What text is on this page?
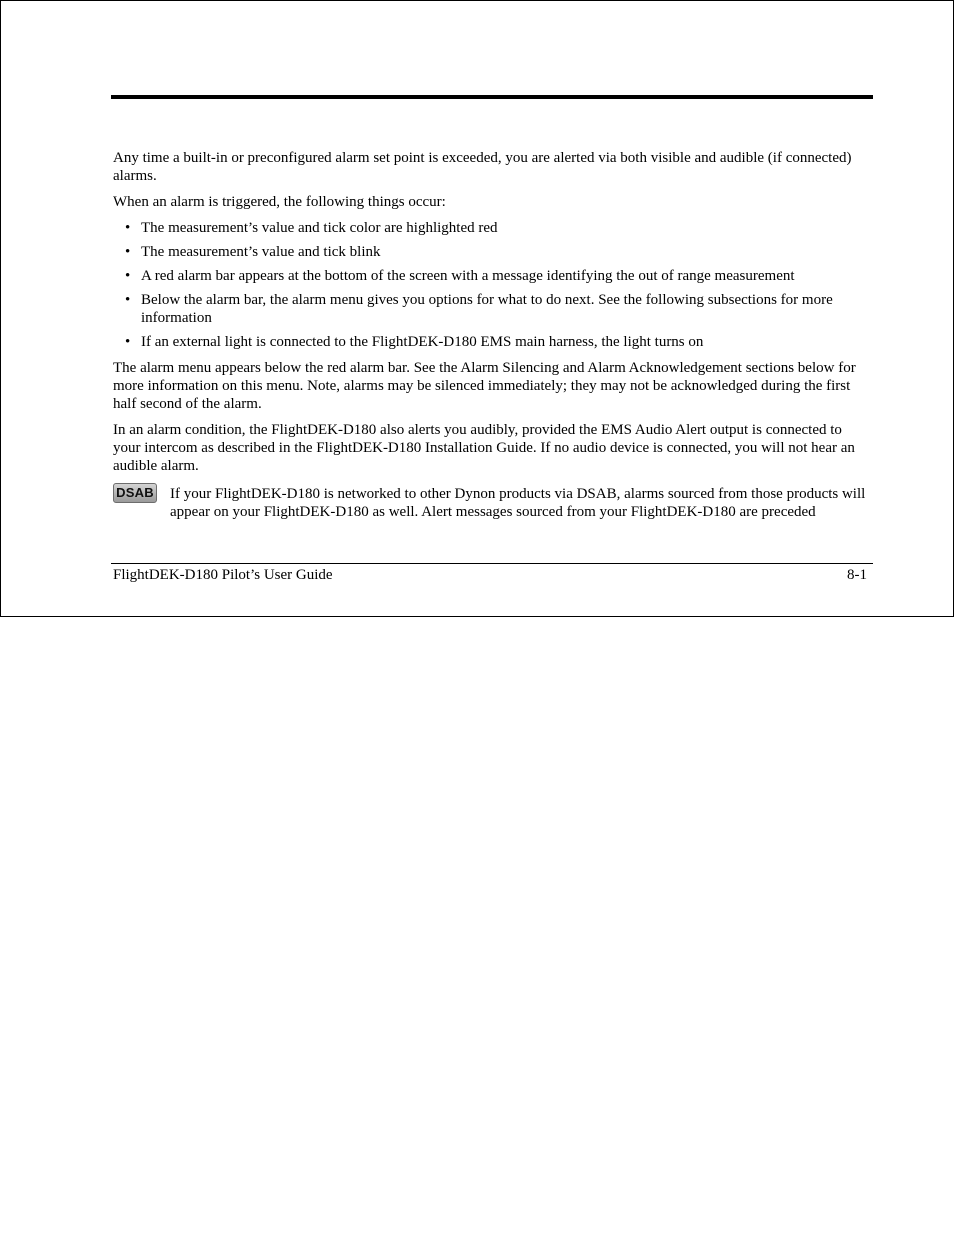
Any time a built-in or preconfigured alarm set point is exceeded, you are alerted via both visible and audible (if connected) alarms.

When an alarm is triggered, the following things occur:

• The measurement’s value and tick color are highlighted red
• The measurement’s value and tick blink
• A red alarm bar appears at the bottom of the screen with a message identifying the out of range measurement
• Below the alarm bar, the alarm menu gives you options for what to do next. See the following subsections for more information
• If an external light is connected to the FlightDEK-D180 EMS main harness, the light turns on

The alarm menu appears below the red alarm bar. See the Alarm Silencing and Alarm Acknowledgement sections below for more information on this menu. Note, alarms may be silenced immediately; they may not be acknowledged during the first half second of the alarm.

In an alarm condition, the FlightDEK-D180 also alerts you audibly, provided the EMS Audio Alert output is connected to your intercom as described in the FlightDEK-D180 Installation Guide. If no audio device is connected, you will not hear an audible alarm.

DSAB If your FlightDEK-D180 is networked to other Dynon products via DSAB, alarms sourced from those products will appear on your FlightDEK-D180 as well. Alert messages sourced from your FlightDEK-D180 are preceded
FlightDEK-D180 Pilot’s User Guide	8-1
